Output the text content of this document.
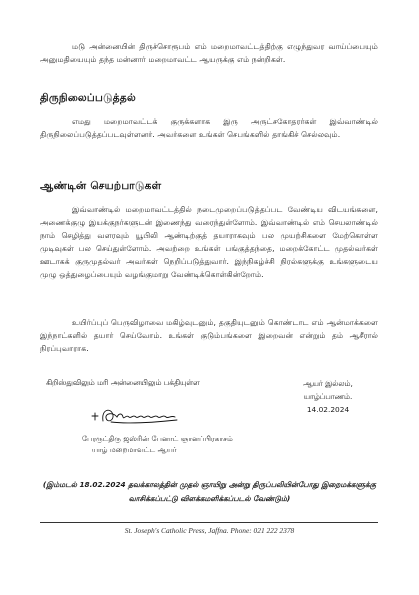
மடு அன்னையின் திருச்சொரூபம் எம் மறைமாவட்டத்திற்கு எழுந்துவர வாய்ப்பையும் அனுமதியையும் தந்த மன்னார் மறைமாவட்ட ஆயருக்கு எம் நன்றிகள்.

திருநிலைப்படுத்தல்

எமது மறைமாவட்டக் குருக்களாக இரு அருட்சகோதரர்கள் இவ்வாண்டில் திருநிலைப்படுத்தப்படவுள்ளனர். அவர்களை உங்கள் செபங்களில் தாங்கிச் செல்லவும்.

ஆண்டின் செயற்பாடுகள்

இவ்வாண்டில் மறைமாவட்டத்தில் நடைமுறைப்படுத்தப்பட வேண்டிய விடயங்களை, அணைக்குழு இயக்குநர்களுடன் இணைந்து வரைந்துள்ளோம். இவ்வாண்டில் எம் செயலாண்டில் நாம் செழித்து வளரவும் யூபிலி ஆண்டிற்குத் தயாராகவும் பல முயற்சிகளை மேற்கொள்ள முடிவுகள் பல செய்துள்ளோம். அவற்றை உங்கள் பங்குத்தந்தை, மறைக்கோட்ட முதல்வர்கள் ஊடாகக் குருமுதல்வர் அவர்கள் நெறிப்படுத்துவார். இந்நிகழ்ச்சி நிரல்களுக்கு உங்களுடைய முழு ஒத்துழைப்பையும் வழங்குமாறு வேண்டிக்கொள்கின்றோம்.

உயிர்ப்புப் பெருவிழாவை மகிழ்வுடனும், தகுதியுடனும் கொண்டாட எம் ஆன்மாக்களை இந்நாட்களில் தயார் செய்வோம். உங்கள் குடும்பங்களை இறைவன் என்றும் தம் ஆசீரால் நிரப்புவாராக.

கிறிஸ்துவிலும் மரி அன்னையிலும் பக்தியுள்ள	ஆயர் இல்லம்,
யாழ்ப்பாணம்.
14.02.2024
பேரருட்திரு ஜஸ்ரின் பேனாட் ஞானப்பிரகாசம்
யாழ் மறைமாவட்ட ஆயர்

(இம்மடல் 18.02.2024 தவக்காலத்தின் முதல் ஞாயிறு அன்று திருப்பலியின்போது இறைமக்களுக்கு வாசிக்கப்பட்டு விளக்கமளிக்கப்படல் வேண்டும்)

St. Joseph's Catholic Press, Jaffna. Phone: 021 222 2378
